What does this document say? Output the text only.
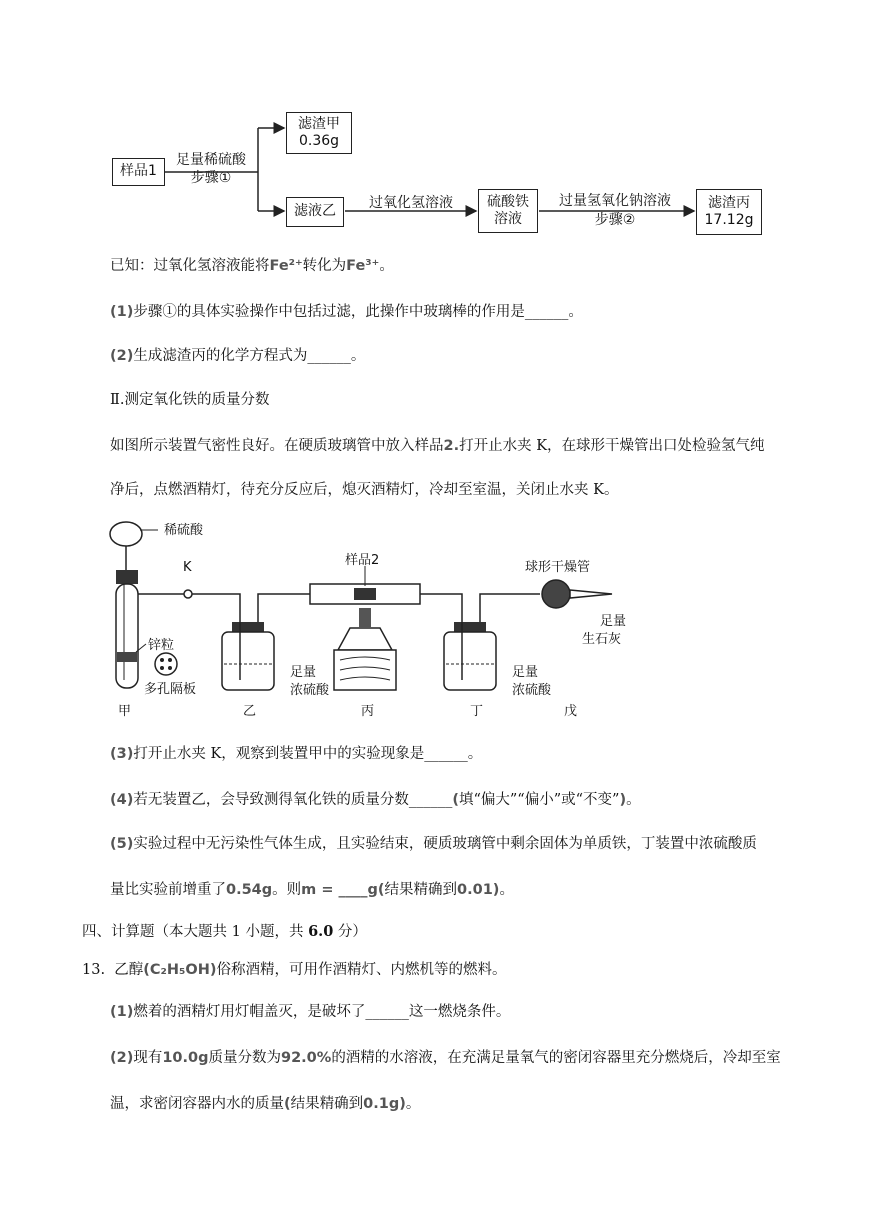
样品1
足量稀硫酸
步骤①
滤渣甲
0.36g
滤液乙	过氧化氢溶液	硫酸铁
溶液
过量氢氧化钠溶液
步骤②
滤渣丙
17.12g
已知：过氧化氢溶液能将Fe²⁺转化为Fe³⁺。
(1)步骤①的具体实验操作中包括过滤，此操作中玻璃棒的作用是______。
(2)生成滤渣丙的化学方程式为______。
Ⅱ.测定氧化铁的质量分数
如图所示装置气密性良好。在硬质玻璃管中放入样品2.打开止水夹 K，在球形干燥管出口处检验氢气纯
净后，点燃酒精灯，待充分反应后，熄灭酒精灯，冷却至室温，关闭止水夹 K。
稀硫酸
K
锌粒
多孔隔板
样品2	球形干燥管
足量
生石灰
足量
浓硫酸
足量
浓硫酸
甲	乙	丙	丁	戊
(3)打开止水夹 K，观察到装置甲中的实验现象是______。
(4)若无装置乙，会导致测得氧化铁的质量分数______(填“偏大”“偏小”或“不变”)。
(5)实验过程中无污染性气体生成，且实验结束，硬质玻璃管中剩余固体为单质铁，丁装置中浓硫酸质
量比实验前增重了0.54g。则m = ____g(结果精确到0.01)。
四、计算题（本大题共 1 小题，共 6.0 分）
13. 乙醇(C₂H₅OH)俗称酒精，可用作酒精灯、内燃机等的燃料。
(1)燃着的酒精灯用灯帽盖灭，是破坏了______这一燃烧条件。
(2)现有10.0g质量分数为92.0%的酒精的水溶液，在充满足量氧气的密闭容器里充分燃烧后，冷却至室
温，求密闭容器内水的质量(结果精确到0.1g)。
